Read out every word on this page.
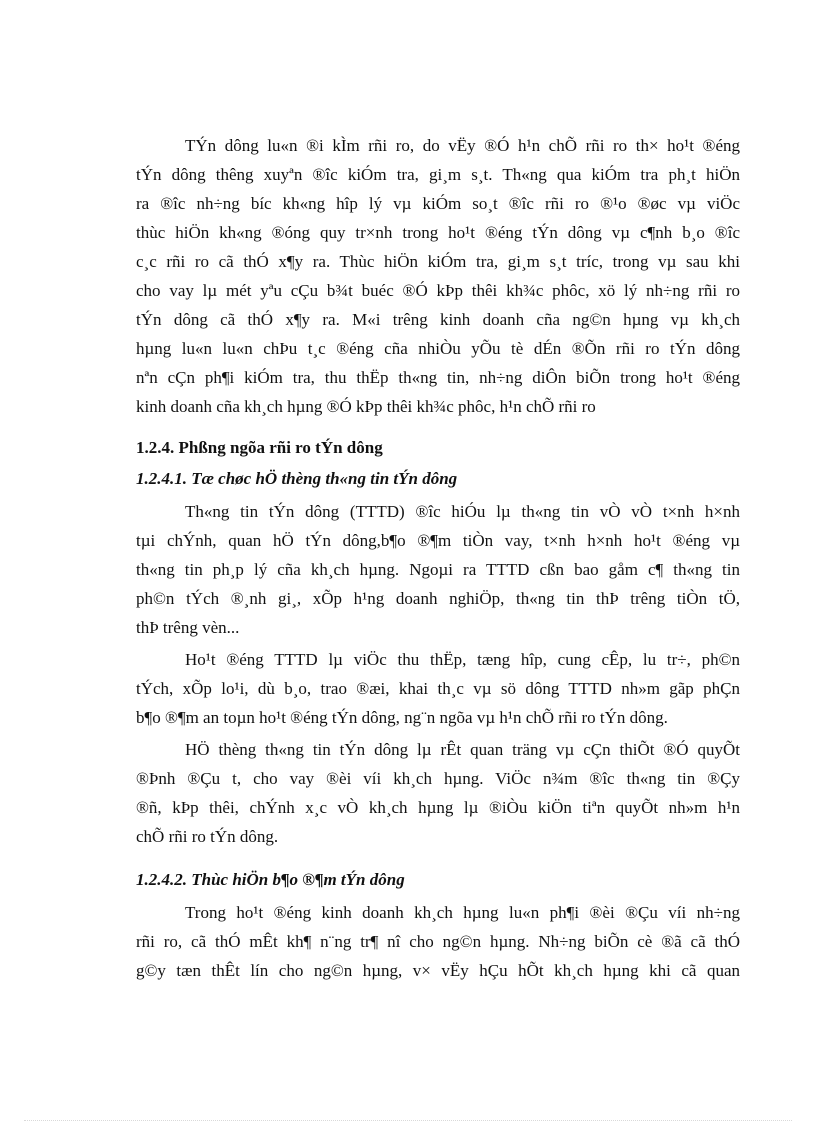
TÝn dông lu«n ®i kÌm rñi ro, do vËy ®Ó h¹n chÕ rñi ro th× ho¹t ®éng
tÝn dông thêng xuyªn ®îc kiÓm tra, gi¸m s¸t. Th«ng qua kiÓm tra ph¸t hiÖn
ra ®îc nh÷ng bíc kh«ng hîp lý vµ kiÓm so¸t ®îc rñi ro ®¹o ®øc vµ viÖc
thùc hiÖn kh«ng ®óng quy tr×nh trong ho¹t ®éng tÝn dông vµ c¶nh b¸o ®îc
c¸c rñi ro cã thÓ x¶y ra. Thùc hiÖn kiÓm tra, gi¸m s¸t tríc, trong vµ sau khi
cho vay lµ mét yªu cÇu b¾t buéc ®Ó kÞp thêi kh¾c phôc, xö lý nh÷ng rñi ro
tÝn dông cã thÓ x¶y ra. M«i trêng kinh doanh cña ng©n hµng vµ kh¸ch
hµng lu«n lu«n chÞu t¸c ®éng cña nhiÒu yÕu tè dÉn ®Õn rñi ro tÝn dông
nªn cÇn ph¶i kiÓm tra, thu thËp th«ng tin, nh÷ng diÔn biÕn trong ho¹t ®éng
kinh doanh cña kh¸ch hµng ®Ó kÞp thêi kh¾c phôc, h¹n chÕ rñi ro

1.2.4. Phßng ngõa rñi ro tÝn dông
1.2.4.1. Tæ chøc hÖ thèng th«ng tin tÝn dông

Th«ng tin tÝn dông (TTTD) ®îc hiÓu lµ th«ng tin vÒ vÒ t×nh h×nh
tµi chÝnh, quan hÖ tÝn dông,b¶o ®¶m tiÒn vay, t×nh h×nh ho¹t ®éng vµ
th«ng tin ph¸p lý cña kh¸ch hµng. Ngoµi ra TTTD cßn bao gåm c¶ th«ng tin
ph©n tÝch ®¸nh gi¸, xÕp h¹ng doanh nghiÖp, th«ng tin thÞ trêng tiÒn tÖ,
thÞ trêng vèn...

Ho¹t ®éng TTTD lµ viÖc thu thËp, tæng hîp, cung cÊp, lu tr÷, ph©n
tÝch, xÕp lo¹i, dù b¸o, trao ®æi, khai th¸c vµ sö dông TTTD nh»m gãp phÇn
b¶o ®¶m an toµn ho¹t ®éng tÝn dông, ng¨n ngõa vµ h¹n chÕ rñi ro tÝn dông.

HÖ thèng th«ng tin tÝn dông lµ rÊt quan träng vµ cÇn thiÕt ®Ó quyÕt
®Þnh ®Çu t, cho vay ®èi víi kh¸ch hµng. ViÖc n¾m ®îc th«ng tin ®Çy
®ñ, kÞp thêi, chÝnh x¸c vÒ kh¸ch hµng lµ ®iÒu kiÖn tiªn quyÕt nh»m h¹n
chÕ rñi ro tÝn dông.

1.2.4.2. Thùc hiÖn b¶o ®¶m tÝn dông

Trong ho¹t ®éng kinh doanh kh¸ch hµng lu«n ph¶i ®èi ®Çu víi nh÷ng
rñi ro, cã thÓ mÊt kh¶ n¨ng tr¶ nî cho ng©n hµng. Nh÷ng biÕn cè ®ã cã thÓ
g©y tæn thÊt lín cho ng©n hµng, v× vËy hÇu hÕt kh¸ch hµng khi cã quan
